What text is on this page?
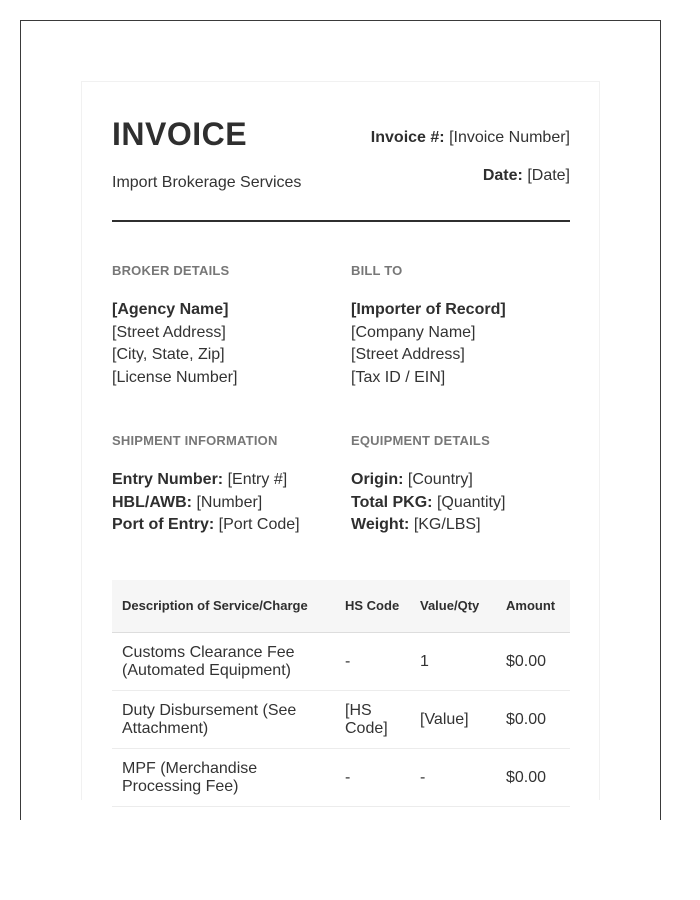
INVOICE
Import Brokerage Services
Invoice #: [Invoice Number]
Date: [Date]
BROKER DETAILS
[Agency Name]
[Street Address]
[City, State, Zip]
[License Number]
BILL TO
[Importer of Record]
[Company Name]
[Street Address]
[Tax ID / EIN]
SHIPMENT INFORMATION
Entry Number: [Entry #]
HBL/AWB: [Number]
Port of Entry: [Port Code]
EQUIPMENT DETAILS
Origin: [Country]
Total PKG: [Quantity]
Weight: [KG/LBS]
Description of Service/Charge	HS Code	Value/Qty	Amount
Customs Clearance Fee (Automated Equipment)	-	1	$0.00
Duty Disbursement (See Attachment)	[HS Code]	[Value]	$0.00
MPF (Merchandise Processing Fee)	-	-	$0.00
